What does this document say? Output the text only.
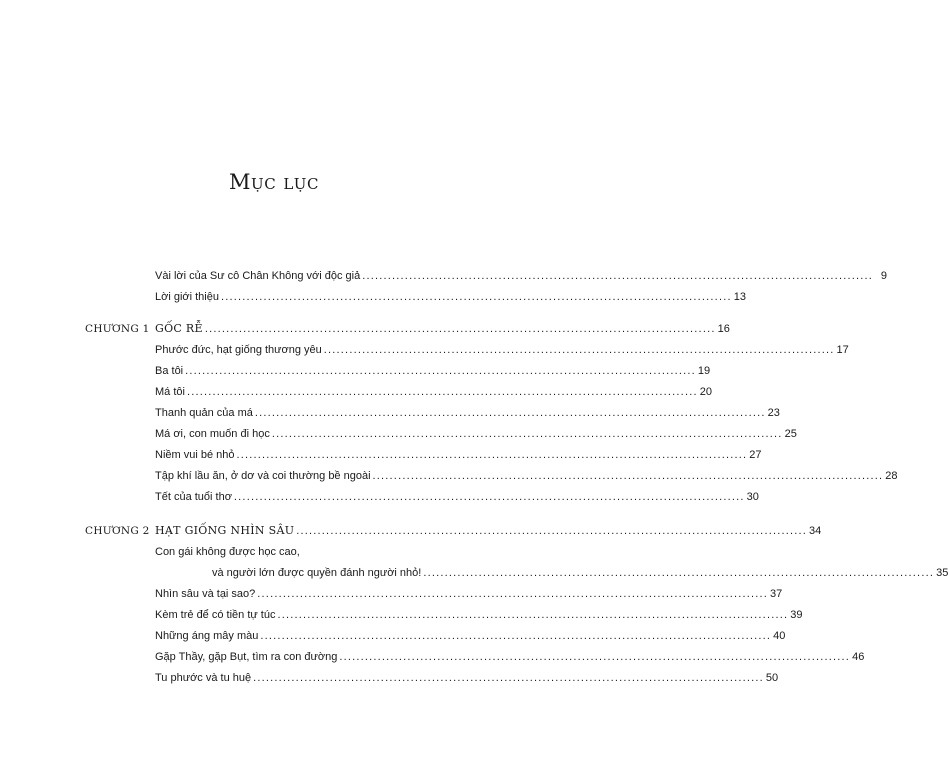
Mục lục
Vài lời của Sư cô Chân Không với độc giả ........................................................................................................................ 9
Lời giới thiệu ........................................................................................................................ 13
CHƯƠNG 1 GỐC RỄ ........................................................................................................................ 16
Phước đức, hạt giống thương yêu ........................................................................................................................ 17
Ba tôi ........................................................................................................................ 19
Má tôi ........................................................................................................................ 20
Thanh quản của má ........................................................................................................................ 23
Má ơi, con muốn đi học ........................................................................................................................ 25
Niềm vui bé nhỏ ........................................................................................................................ 27
Tập khí lầu ăn, ở dơ và coi thường bề ngoài ........................................................................................................................ 28
Tết của tuổi thơ ........................................................................................................................ 30
CHƯƠNG 2 HẠT GIỐNG NHÌN SÂU ........................................................................................................................ 34
Con gái không được học cao,
và người lớn được quyền đánh người nhỏ! ........................................................................................................................ 35
Nhìn sâu và tại sao? ........................................................................................................................ 37
Kèm trẻ để có tiền tự túc ........................................................................................................................ 39
Những áng mây màu ........................................................................................................................ 40
Gặp Thầy, gặp Bụt, tìm ra con đường ........................................................................................................................ 46
Tu phước và tu huệ ........................................................................................................................ 50
